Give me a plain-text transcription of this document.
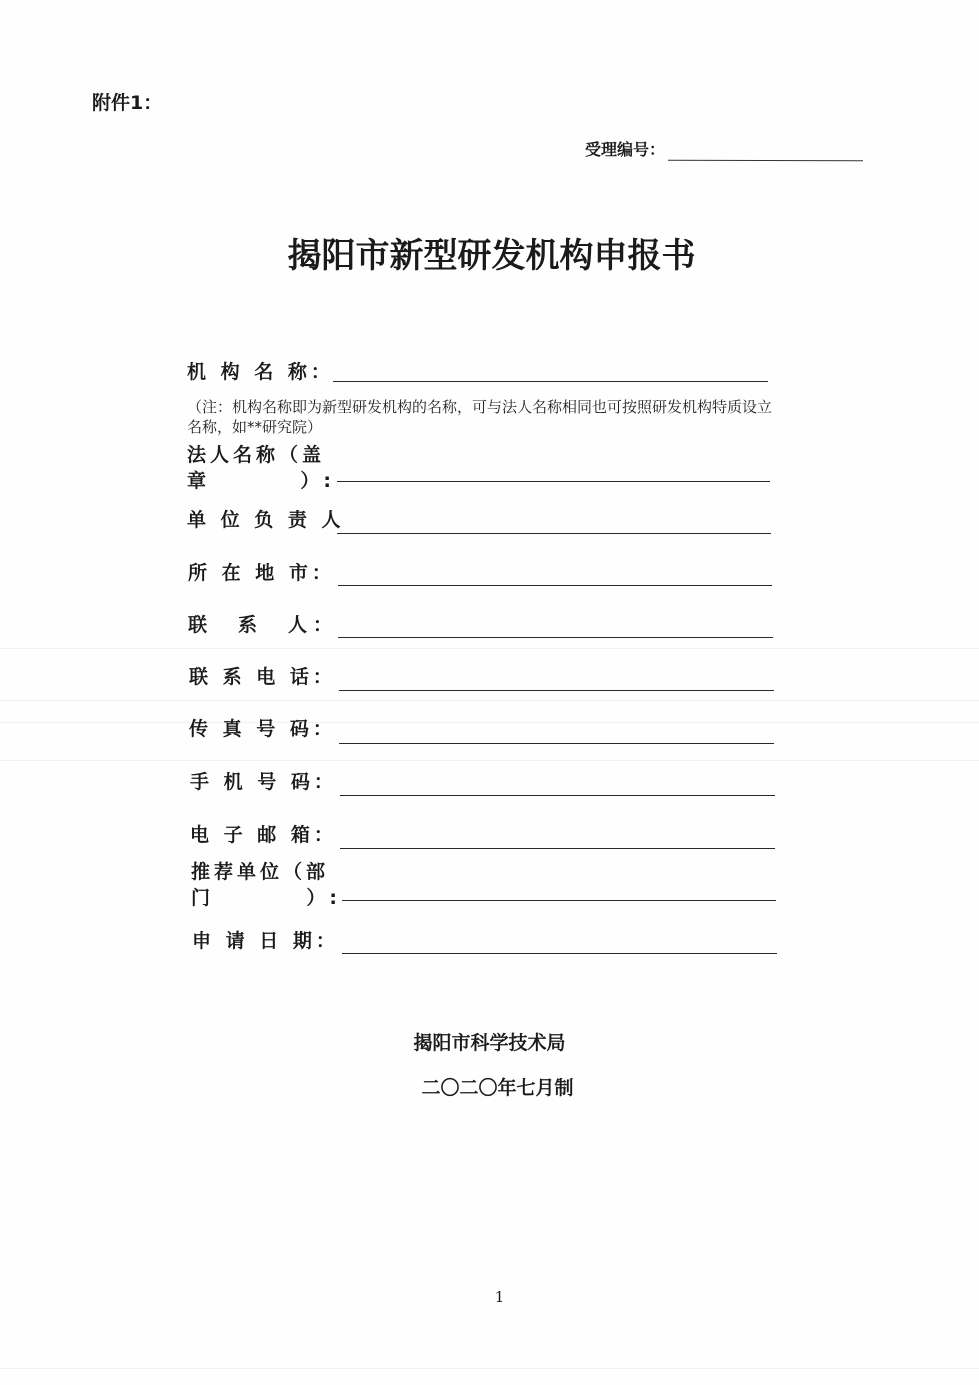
附件1：
受理编号：
揭阳市新型研发机构申报书
机 构 名 称：
（注：机构名称即为新型研发机构的名称，可与法人名称相同也可按照研发机构特质设立名称，如**研究院）
法人名称（盖
章	）:
单 位 负 责 人
所 在 地 市：
联　系　人：
联 系 电 话：
传 真 号 码：
手 机 号 码：
电 子 邮 箱：
推荐单位（部
门	）:
申 请 日 期：
揭阳市科学技术局
二〇二〇年七月制
1
